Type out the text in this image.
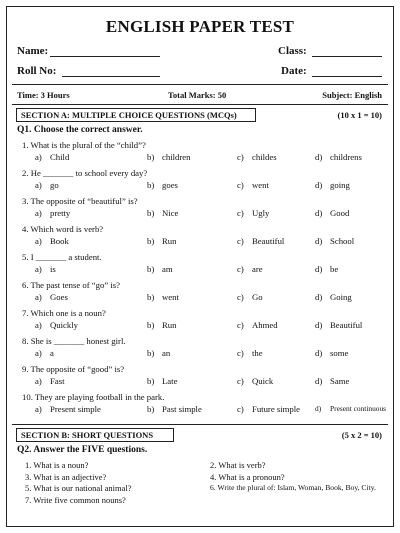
ENGLISH PAPER TEST
Name:	Class:
Roll No:	Date:
Time: 3 Hours	Total Marks: 50	Subject: English
SECTION A: MULTIPLE CHOICE QUESTIONS (MCQs)	(10 x 1 = 10)
Q1. Choose the correct answer.
1. What is the plural of the “child”?
a) Child	b) children	c) childes	d) childrens
2. He _______ to school every day?
a) go	b) goes	c) went	d) going
3. The opposite of “beautiful” is?
a) pretty	b) Nice	c) Ugly	d) Good
4. Which word is verb?
a) Book	b) Run	c) Beautiful	d) School
5. I _______ a student.
a) is	b) am	c) are	d) be
6. The past tense of “go” is?
a) Goes	b) went	c) Go	d) Going
7. Which one is a noun?
a) Quickly	b) Run	c) Ahmed	d) Beautiful
8. She is _______ honest girl.
a) a	b) an	c) the	d) some
9. The opposite of “good” is?
a) Fast	b) Late	c) Quick	d) Same
10. They are playing football in the park.
a) Present simple	b) Past simple	c) Future simple d) Present continuous
SECTION B: SHORT QUESTIONS	(5 x 2 = 10)
Q2. Answer the FIVE questions.
1. What is a noun?
3. What is an adjective?
5. What is our national animal?
7. Write five common nouns?
2. What is verb?
4. What is a pronoun?
6. Write the plural of: Islam, Woman, Book, Boy, City.
